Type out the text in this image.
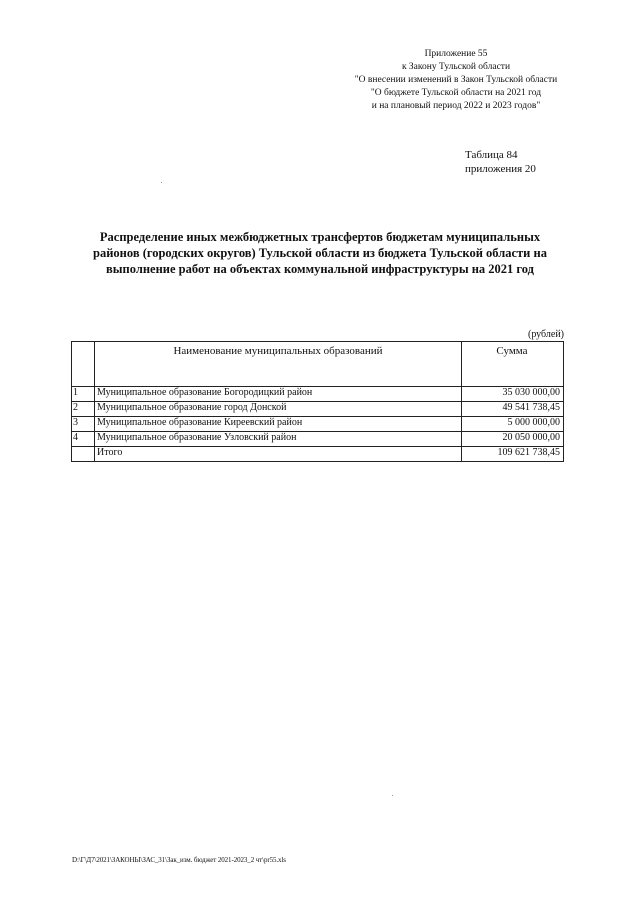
Приложение 55
к Закону Тульской области
"О внесении изменений в Закон Тульской области
"О бюджете Тульской области на 2021 год
и на плановый период 2022 и 2023 годов"
Таблица 84
приложения 20
Распределение иных межбюджетных трансфертов бюджетам муниципальных
районов (городских округов) Тульской области из бюджета Тульской области на
выполнение работ на объектах коммунальной инфраструктуры на 2021 год
(рублей)
	Наименование муниципальных образований	Сумма
1	Муниципальное образование Богородицкий район	35 030 000,00
2	Муниципальное образование город Донской	49 541 738,45
3	Муниципальное образование Киреевский район	5 000 000,00
4	Муниципальное образование Узловский район	20 050 000,00
	Итого	109 621 738,45
D:\Г\Д7\2021\ЗАКОНЫ\ЗАС_31\Зак_изм. бюджет 2021-2023_2 чт\pr55.xls
